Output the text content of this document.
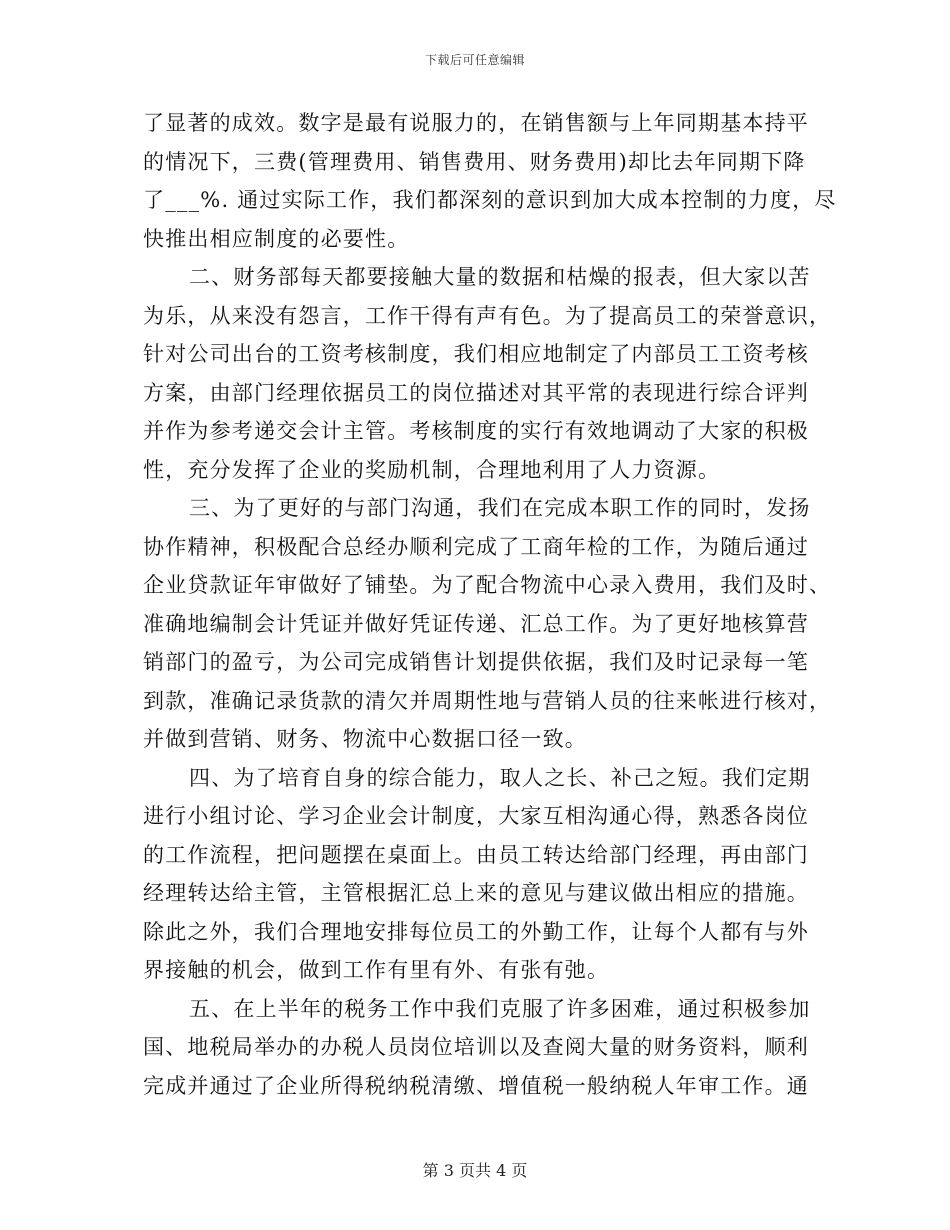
下载后可任意编辑
了显著的成效。数字是最有说服力的，在销售额与上年同期基本持平
的情况下，三费(管理费用、销售费用、财务费用)却比去年同期下降
了___%. 通过实际工作，我们都深刻的意识到加大成本控制的力度，尽
快推出相应制度的必要性。
二、财务部每天都要接触大量的数据和枯燥的报表，但大家以苦
为乐，从来没有怨言，工作干得有声有色。为了提高员工的荣誉意识，
针对公司出台的工资考核制度，我们相应地制定了内部员工工资考核
方案，由部门经理依据员工的岗位描述对其平常的表现进行综合评判
并作为参考递交会计主管。考核制度的实行有效地调动了大家的积极
性，充分发挥了企业的奖励机制，合理地利用了人力资源。
三、为了更好的与部门沟通，我们在完成本职工作的同时，发扬
协作精神，积极配合总经办顺利完成了工商年检的工作，为随后通过
企业贷款证年审做好了铺垫。为了配合物流中心录入费用，我们及时、
准确地编制会计凭证并做好凭证传递、汇总工作。为了更好地核算营
销部门的盈亏，为公司完成销售计划提供依据，我们及时记录每一笔
到款，准确记录货款的清欠并周期性地与营销人员的往来帐进行核对，
并做到营销、财务、物流中心数据口径一致。
四、为了培育自身的综合能力，取人之长、补己之短。我们定期
进行小组讨论、学习企业会计制度，大家互相沟通心得，熟悉各岗位
的工作流程，把问题摆在桌面上。由员工转达给部门经理，再由部门
经理转达给主管，主管根据汇总上来的意见与建议做出相应的措施。
除此之外，我们合理地安排每位员工的外勤工作，让每个人都有与外
界接触的机会，做到工作有里有外、有张有弛。
五、在上半年的税务工作中我们克服了许多困难，通过积极参加
国、地税局举办的办税人员岗位培训以及查阅大量的财务资料，顺利
完成并通过了企业所得税纳税清缴、增值税一般纳税人年审工作。通
第 3 页共 4 页
